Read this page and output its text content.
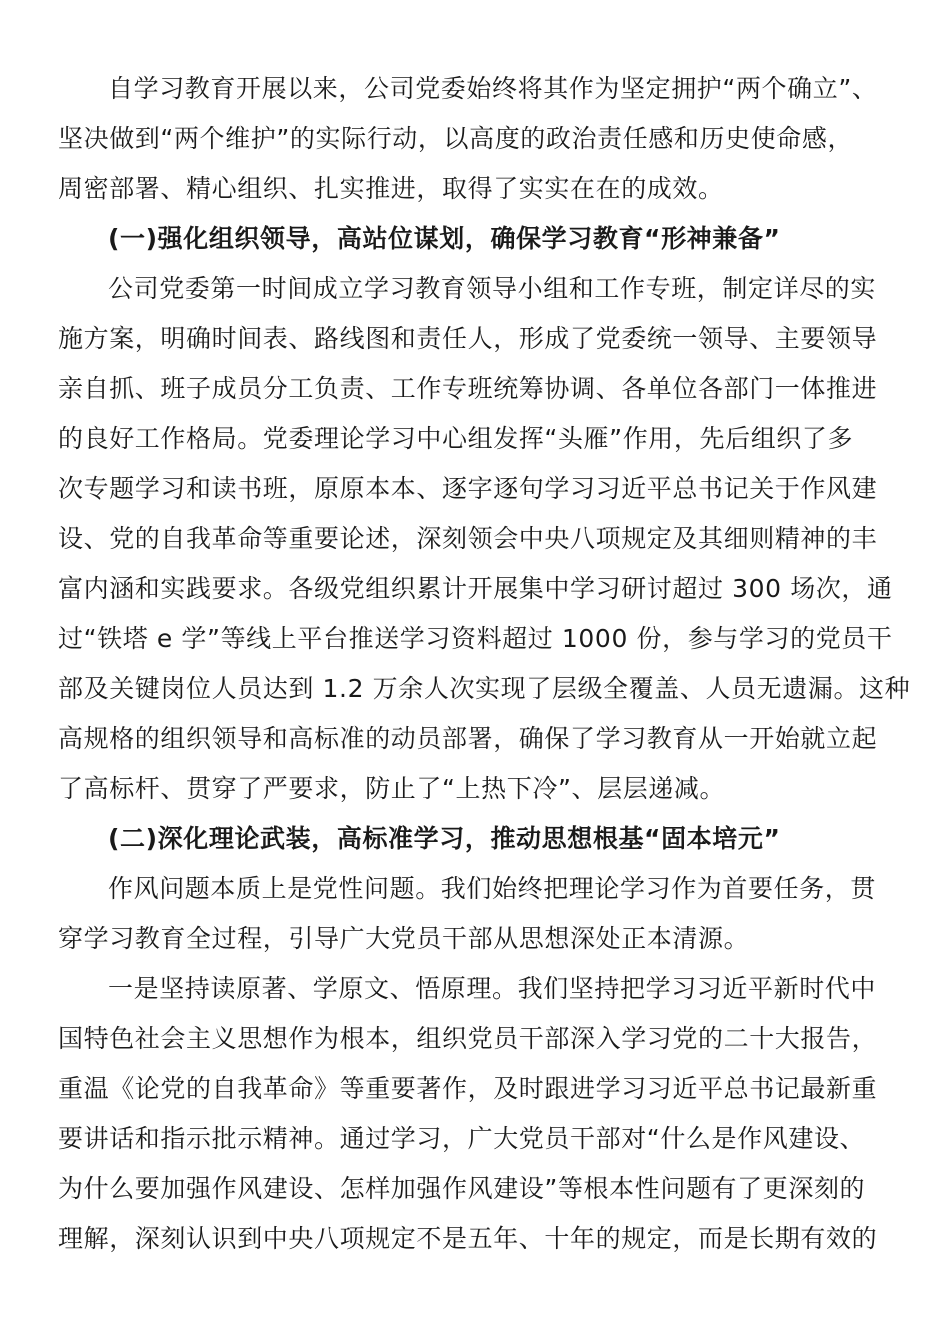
自学习教育开展以来，公司党委始终将其作为坚定拥护“两个确立”、
坚决做到“两个维护”的实际行动，以高度的政治责任感和历史使命感，
周密部署、精心组织、扎实推进，取得了实实在在的成效。
(一)强化组织领导，高站位谋划，确保学习教育“形神兼备”
公司党委第一时间成立学习教育领导小组和工作专班，制定详尽的实
施方案，明确时间表、路线图和责任人，形成了党委统一领导、主要领导
亲自抓、班子成员分工负责、工作专班统筹协调、各单位各部门一体推进
的良好工作格局。党委理论学习中心组发挥“头雁”作用，先后组织了多
次专题学习和读书班，原原本本、逐字逐句学习习近平总书记关于作风建
设、党的自我革命等重要论述，深刻领会中央八项规定及其细则精神的丰
富内涵和实践要求。各级党组织累计开展集中学习研讨超过 300 场次，通
过“铁塔 e 学”等线上平台推送学习资料超过 1000 份，参与学习的党员干
部及关键岗位人员达到 1.2 万余人次实现了层级全覆盖、人员无遗漏。这种
高规格的组织领导和高标准的动员部署，确保了学习教育从一开始就立起
了高标杆、贯穿了严要求，防止了“上热下冷”、层层递减。
(二)深化理论武装，高标准学习，推动思想根基“固本培元”
作风问题本质上是党性问题。我们始终把理论学习作为首要任务，贯
穿学习教育全过程，引导广大党员干部从思想深处正本清源。
一是坚持读原著、学原文、悟原理。我们坚持把学习习近平新时代中
国特色社会主义思想作为根本，组织党员干部深入学习党的二十大报告，
重温《论党的自我革命》等重要著作，及时跟进学习习近平总书记最新重
要讲话和指示批示精神。通过学习，广大党员干部对“什么是作风建设、
为什么要加强作风建设、怎样加强作风建设”等根本性问题有了更深刻的
理解，深刻认识到中央八项规定不是五年、十年的规定，而是长期有效的
